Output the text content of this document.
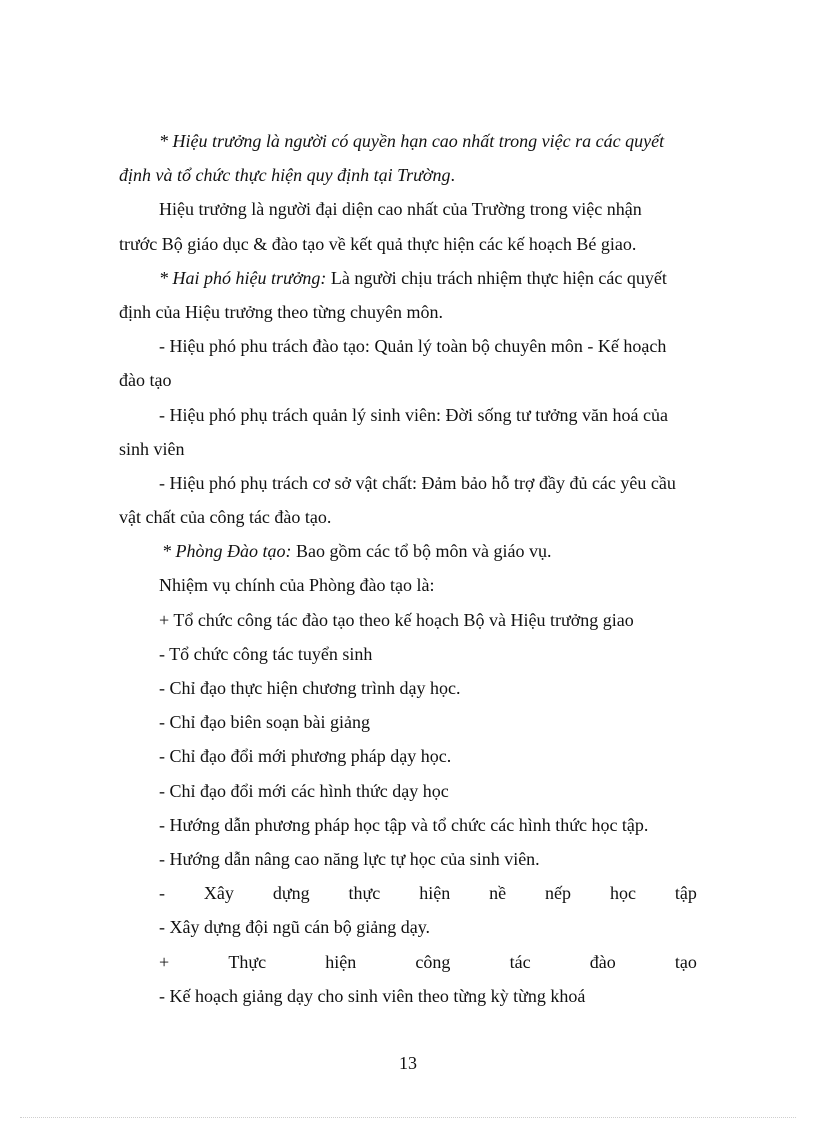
* Hiệu trưởng là người có quyền hạn cao nhất trong việc ra các quyết
định và tổ chức thực hiện quy định tại Trường.
Hiệu trưởng là người đại diện cao nhất của Trường trong việc nhận
trước Bộ giáo dục & đào tạo về kết quả thực hiện các kế hoạch Bé giao.
* Hai phó hiệu trưởng: Là người chịu trách nhiệm thực hiện các quyết
định của Hiệu trưởng theo từng chuyên môn.
- Hiệu phó phu trách đào tạo: Quản lý toàn bộ chuyên môn - Kế hoạch
đào tạo
- Hiệu phó phụ trách quản lý sinh viên: Đời sống tư tưởng văn hoá của
sinh viên
- Hiệu phó phụ trách cơ sở vật chất: Đảm bảo hỗ trợ đầy đủ các yêu cầu
vật chất của công tác đào tạo.
* Phòng Đào tạo: Bao gồm các tổ bộ môn và giáo vụ.
Nhiệm vụ chính của Phòng đào tạo là:
+ Tổ chức công tác đào tạo theo kế hoạch Bộ và Hiệu trưởng giao
- Tổ chức công tác tuyển sinh
- Chỉ đạo thực hiện chương trình dạy học.
- Chỉ đạo biên soạn bài giảng
- Chỉ đạo đổi mới phương pháp dạy học.
- Chỉ đạo đổi mới các hình thức dạy học
- Hướng dẫn phương pháp học tập và tổ chức các hình thức học tập.
- Hướng dẫn nâng cao năng lực tự học của sinh viên.
- Xây dựng thực hiện nề nếp học tập
- Xây dựng đội ngũ cán bộ giảng dạy.
+	Thực	hiện	công	tác	đào	tạo
- Kế hoạch giảng dạy cho sinh viên theo từng kỳ từng khoá
13
